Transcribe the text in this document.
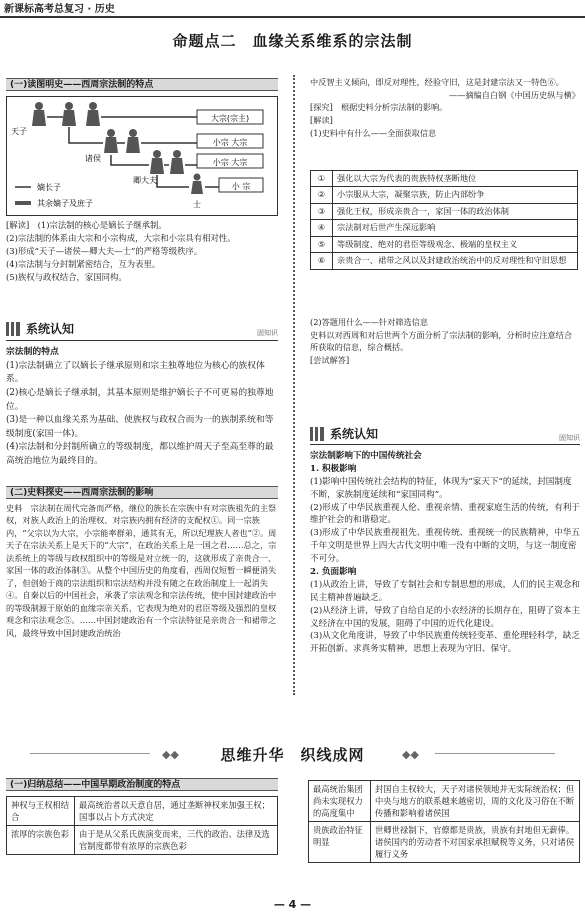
新课标高考总复习 · 历史
命题点二　血缘关系维系的宗法制
(一)读图明史——西周宗法制的特点
大宗(宗主)
小宗 大宗
小宗 大宗
小 宗
天子
诸侯
卿大夫
士
嫡长子
其余嫡子及庶子

[解读]　(1)宗法制的核心是嫡长子继承制。

(2)宗法制的体系由大宗和小宗构成，大宗和小宗具有相对性。

(3)形成“天子—诸侯—卿大夫—士”的严格等级秩序。

(4)宗法制与分封制紧密结合，互为表里。

(5)族权与政权结合，家国同构。

系统认知	固知识

宗法制的特点

(1)宗法制确立了以嫡长子继承原则和宗主独尊地位为核心的族权体系。

(2)核心是嫡长子继承制，其基本原则是维护嫡长子不可更易的独尊地位。

(3)是一种以血缘关系为基础、使族权与政权合而为一的族制系统和等级制度(家国一体)。

(4)宗法制和分封制所确立的等级制度，都以维护周天子至高至尊的最高统治地位为最终目的。

(二)史料探史——西周宗法制的影响
史料　宗法制在周代完备而严格，继位的族长在宗族中有对宗族祖先的主祭权，对族人政治上的治理权、对宗族内拥有经济的支配权①。同一宗族内，“父宗以为大宗，小宗能率群弟，通其有无，所以纪理族人者也”②。周天子在宗法关系上是天下的“大宗”，在政治关系上是一国之君……总之，宗法系统上的等级与政权组织中的等级是对立统一的，这就形成了亲贵合一、家国一体的政治体制③。从整个中国历史的角度看，西周仅短暂一瞬便消失了，但创始于商的宗法组织和宗法结构并没有随之在政治制度上一起消失④。自秦以后的中国社会，承袭了宗法观念和宗法传统，使中国封建政治中的等级制源于原始的血缘宗亲关系，它表现为绝对的君臣等级及强烈的皇权观念和宗法观念⑤。……中国封建政治有一个宗法特征是亲贵合一和裙带之风，最终导致中国封建政治统治

中反智主义倾向，即反对理性，经验守旧，这是封建宗法又一特色⑥。

——摘编自白钢《中国历史纵与横》

[探究]　根据史料分析宗法制的影响。

[解读]

(1)史料中有什么——全面获取信息

①	强化以大宗为代表的贵族特权垄断地位
②	小宗服从大宗，凝聚宗族，防止内部纷争
③	强化王权，形成亲贵合一，家国一体的政治体制
④	宗法制对后世产生深远影响
⑤	等级制度、绝对的君臣等级观念、极端的皇权主义
⑥	亲贵合一、裙带之风以及封建政治统治中的反对理性和守旧思想

(2)答题用什么——针对筛选信息

史料以对西周和对后世两个方面分析了宗法制的影响，分析时应注意结合所获取的信息，综合概括。

[尝试解答]

系统认知	固知识

宗法制影响下的中国传统社会

1. 积极影响

(1)影响中国传统社会结构的特征，体现为“家天下”的延续，封国制度不断，家族制度延续和“家国同构”。

(2)形成了中华民族重视人伦、重视亲情、重视家庭生活的传统，有利于维护社会的和谐稳定。

(3)形成了中华民族重视祖先、重视传统、重视统一的民族精神，中华五千年文明是世界上四大古代文明中唯一没有中断的文明，与这一制度密不可分。

2. 负面影响

(1)从政治上讲，导致了专制社会和专制思想的形成，人们的民主观念和民主精神普遍缺乏。

(2)从经济上讲，导致了自给自足的小农经济的长期存在，阻碍了资本主义经济在中国的发展，阻碍了中国的近代化建设。

(3)从文化角度讲，导致了中华民族重传统轻变革、重伦理轻科学，缺乏开拓创新、求真务实精神，思想上表现为守旧、保守。

◆◆	◆◆
思维升华　织线成网
(一)归纳总结——中国早期政治制度的特点
神权与王权相结合	最高统治者以天意自居，通过垄断神权来加强王权；国事以占卜方式决定
浓厚的宗族色彩	由于是从父系氏族演变而来，三代的政治、法律及选官制度都带有浓厚的宗族色彩
最高统治集团尚未实现权力的高度集中	封国自主权较大，天子对诸侯领地并无实际统治权；但中央与地方的联系越来越密切，周的文化及习俗在不断传播和影响着诸侯国
贵族政治特征明显	世卿世禄制下，官僚都是贵族，贵族有封地但无薪俸。诸侯国内的劳动者不对国家承担赋税等义务，只对诸侯履行义务
— 4 —
